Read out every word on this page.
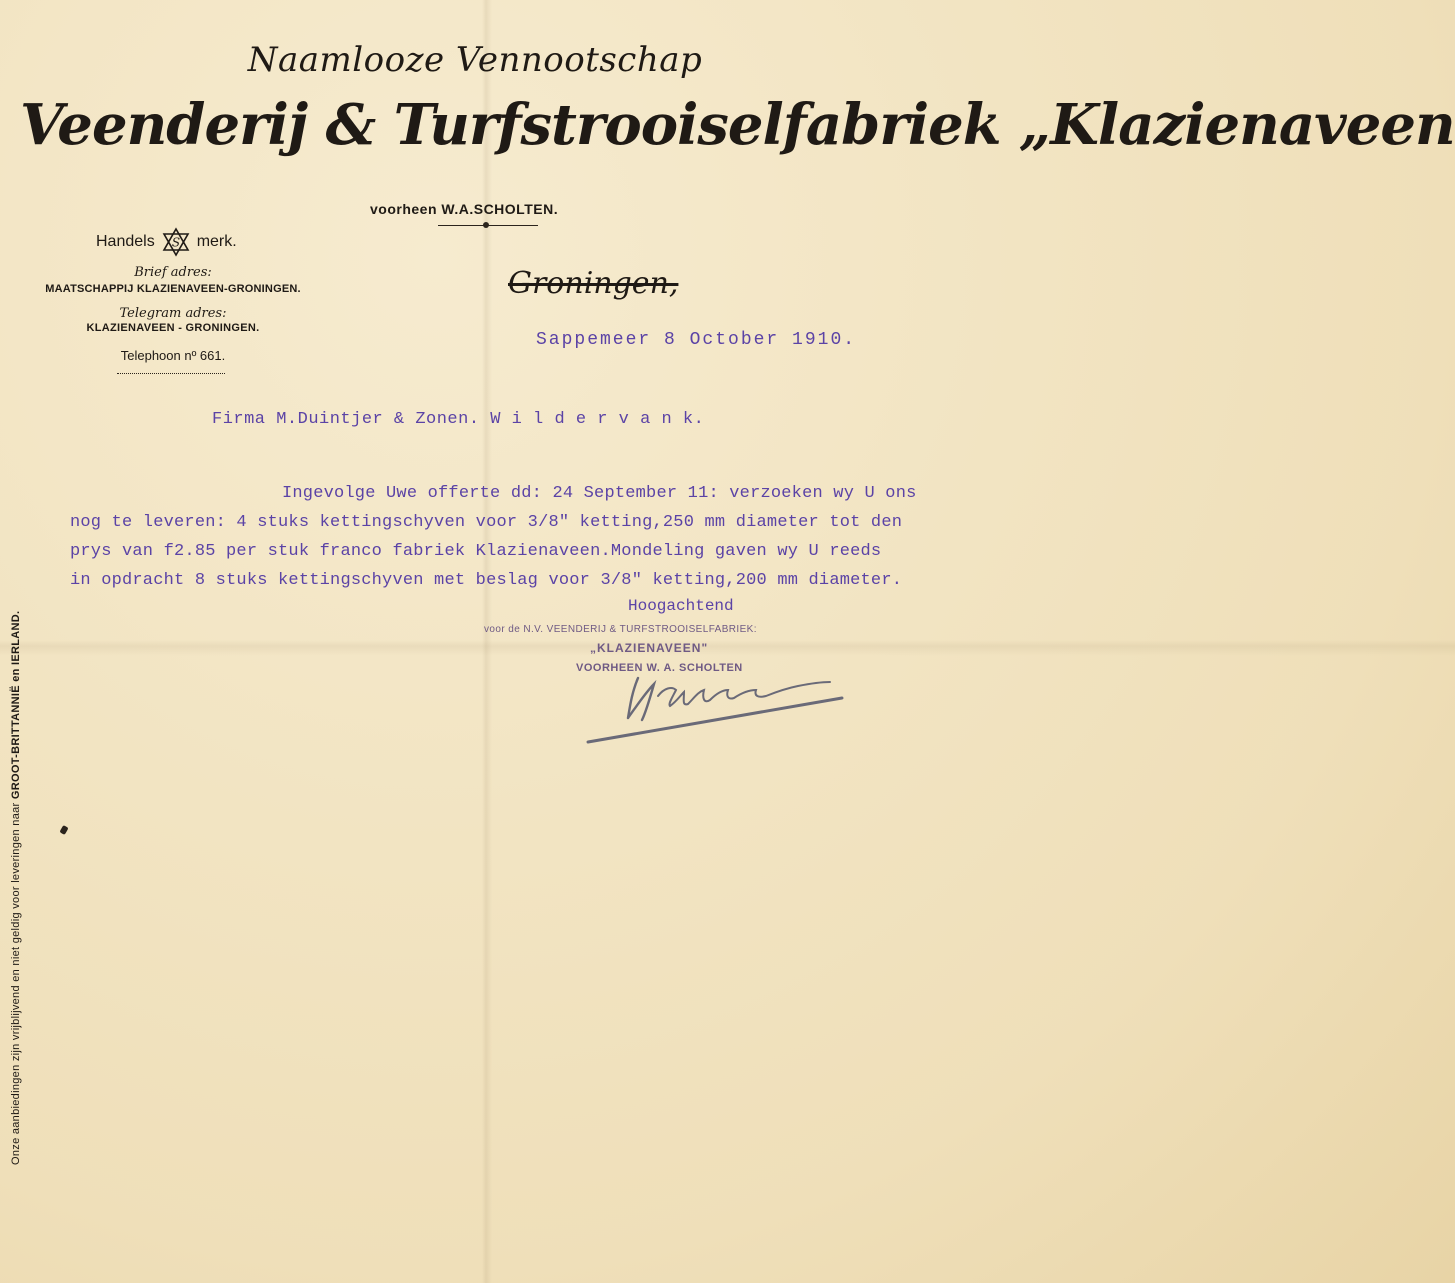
Naamlooze Vennootschap
Veenderij & Turfstrooiselfabriek „Klazienaveen
voorheen W.A.SCHOLTEN.
Handels S merk.
Brief adres:
MAATSCHAPPIJ KLAZIENAVEEN-GRONINGEN.
Telegram adres:
KLAZIENAVEEN - GRONINGEN.
Telephoon nº 661.
Groningen,
Sappemeer 8 October 1910.
Firma M.Duintjer & Zonen. W i l d e r v a n k.
Ingevolge Uwe offerte dd: 24 September 11: verzoeken wy U ons
nog te leveren: 4 stuks kettingschyven voor 3/8" ketting,250 mm diameter tot den
prys van f2.85 per stuk franco fabriek Klazienaveen.Mondeling gaven wy U reeds
in opdracht 8 stuks kettingschyven met beslag voor 3/8" ketting,200 mm diameter.
Hoogachtend
voor de N.V. VEENDERIJ & TURFSTROOISELFABRIEK:
„KLAZIENAVEEN"
VOORHEEN W. A. SCHOLTEN
Onze aanbiedingen zijn vrijblijvend en niet geldig voor leveringen naar GROOT-BRITTANNIË en IERLAND.
